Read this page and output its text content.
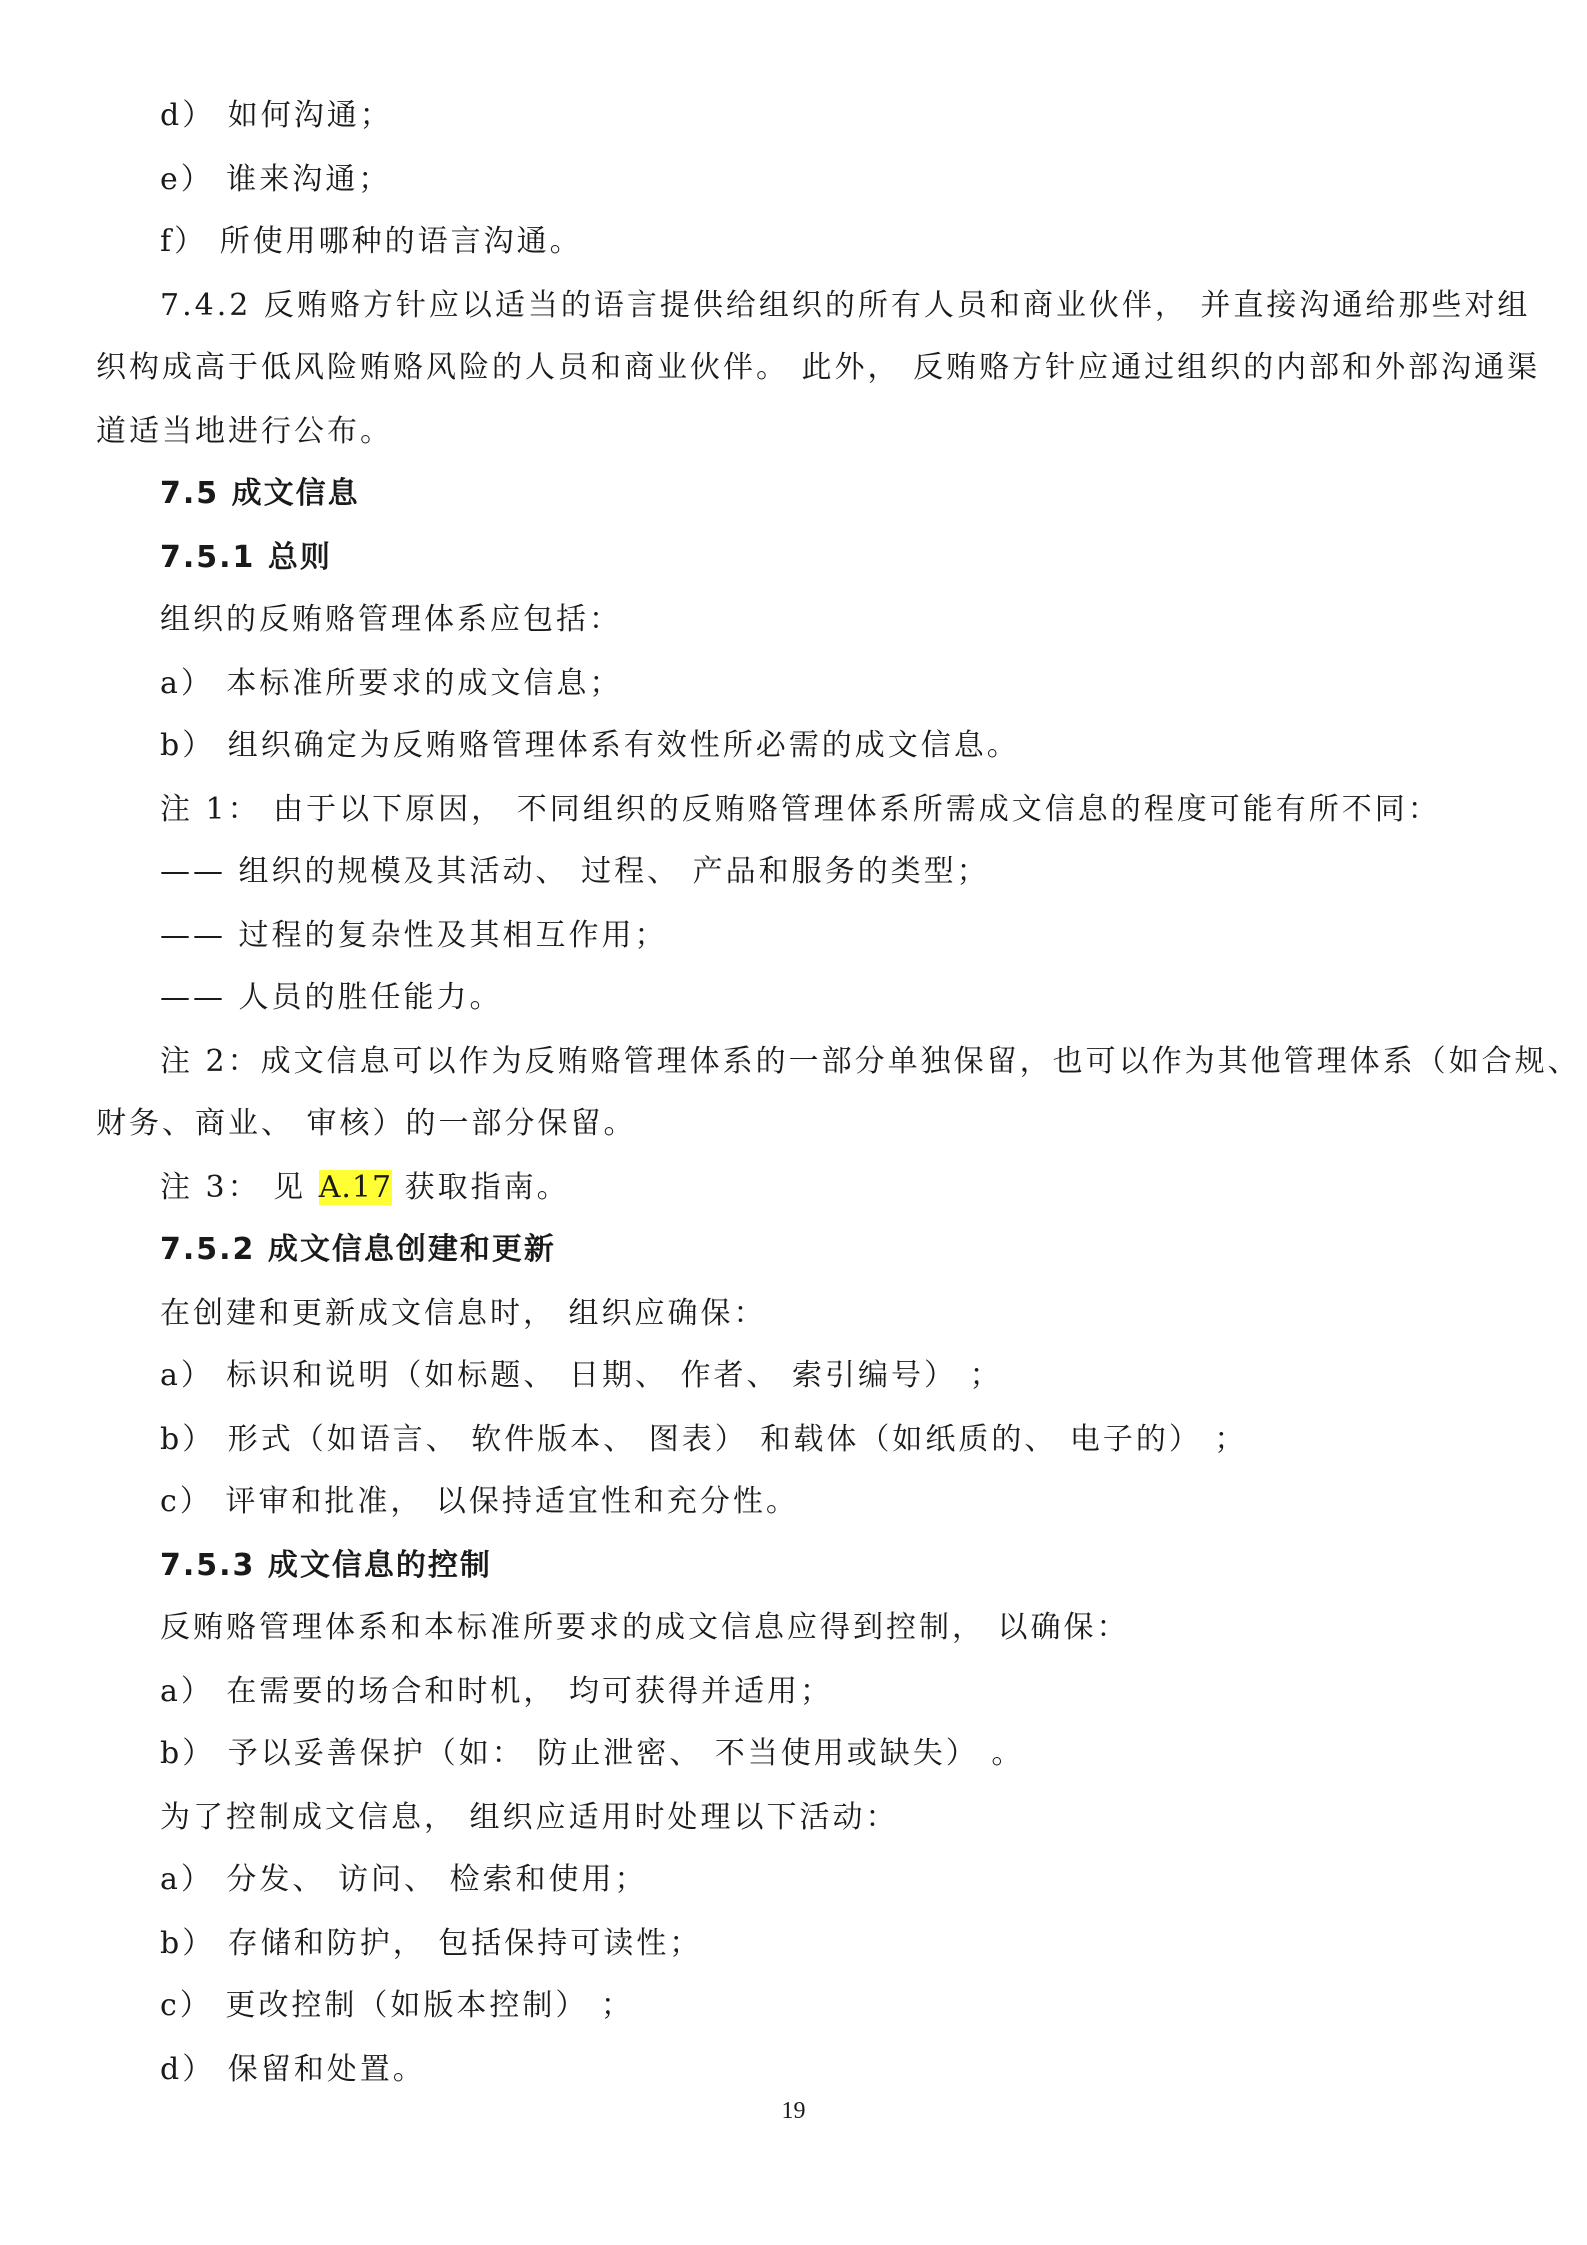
d） 如何沟通；
e） 谁来沟通；
f） 所使用哪种的语言沟通。
7.4.2 反贿赂方针应以适当的语言提供给组织的所有人员和商业伙伴， 并直接沟通给那些对组
织构成高于低风险贿赂风险的人员和商业伙伴。 此外， 反贿赂方针应通过组织的内部和外部沟通渠
道适当地进行公布。
7.5 成文信息
7.5.1 总则
组织的反贿赂管理体系应包括：
a） 本标准所要求的成文信息；
b） 组织确定为反贿赂管理体系有效性所必需的成文信息。
注 1： 由于以下原因， 不同组织的反贿赂管理体系所需成文信息的程度可能有所不同：
—— 组织的规模及其活动、 过程、 产品和服务的类型；
—— 过程的复杂性及其相互作用；
—— 人员的胜任能力。
注 2：成文信息可以作为反贿赂管理体系的一部分单独保留，也可以作为其他管理体系（如合规、
财务、商业、 审核）的一部分保留。
注 3： 见 A.17 获取指南。
7.5.2 成文信息创建和更新
在创建和更新成文信息时， 组织应确保：
a） 标识和说明（如标题、 日期、 作者、 索引编号） ；
b） 形式（如语言、 软件版本、 图表） 和载体（如纸质的、 电子的） ；
c） 评审和批准， 以保持适宜性和充分性。
7.5.3 成文信息的控制
反贿赂管理体系和本标准所要求的成文信息应得到控制， 以确保：
a） 在需要的场合和时机， 均可获得并适用；
b） 予以妥善保护（如： 防止泄密、 不当使用或缺失） 。
为了控制成文信息， 组织应适用时处理以下活动：
a） 分发、 访问、 检索和使用；
b） 存储和防护， 包括保持可读性；
c） 更改控制（如版本控制） ；
d） 保留和处置。
19
